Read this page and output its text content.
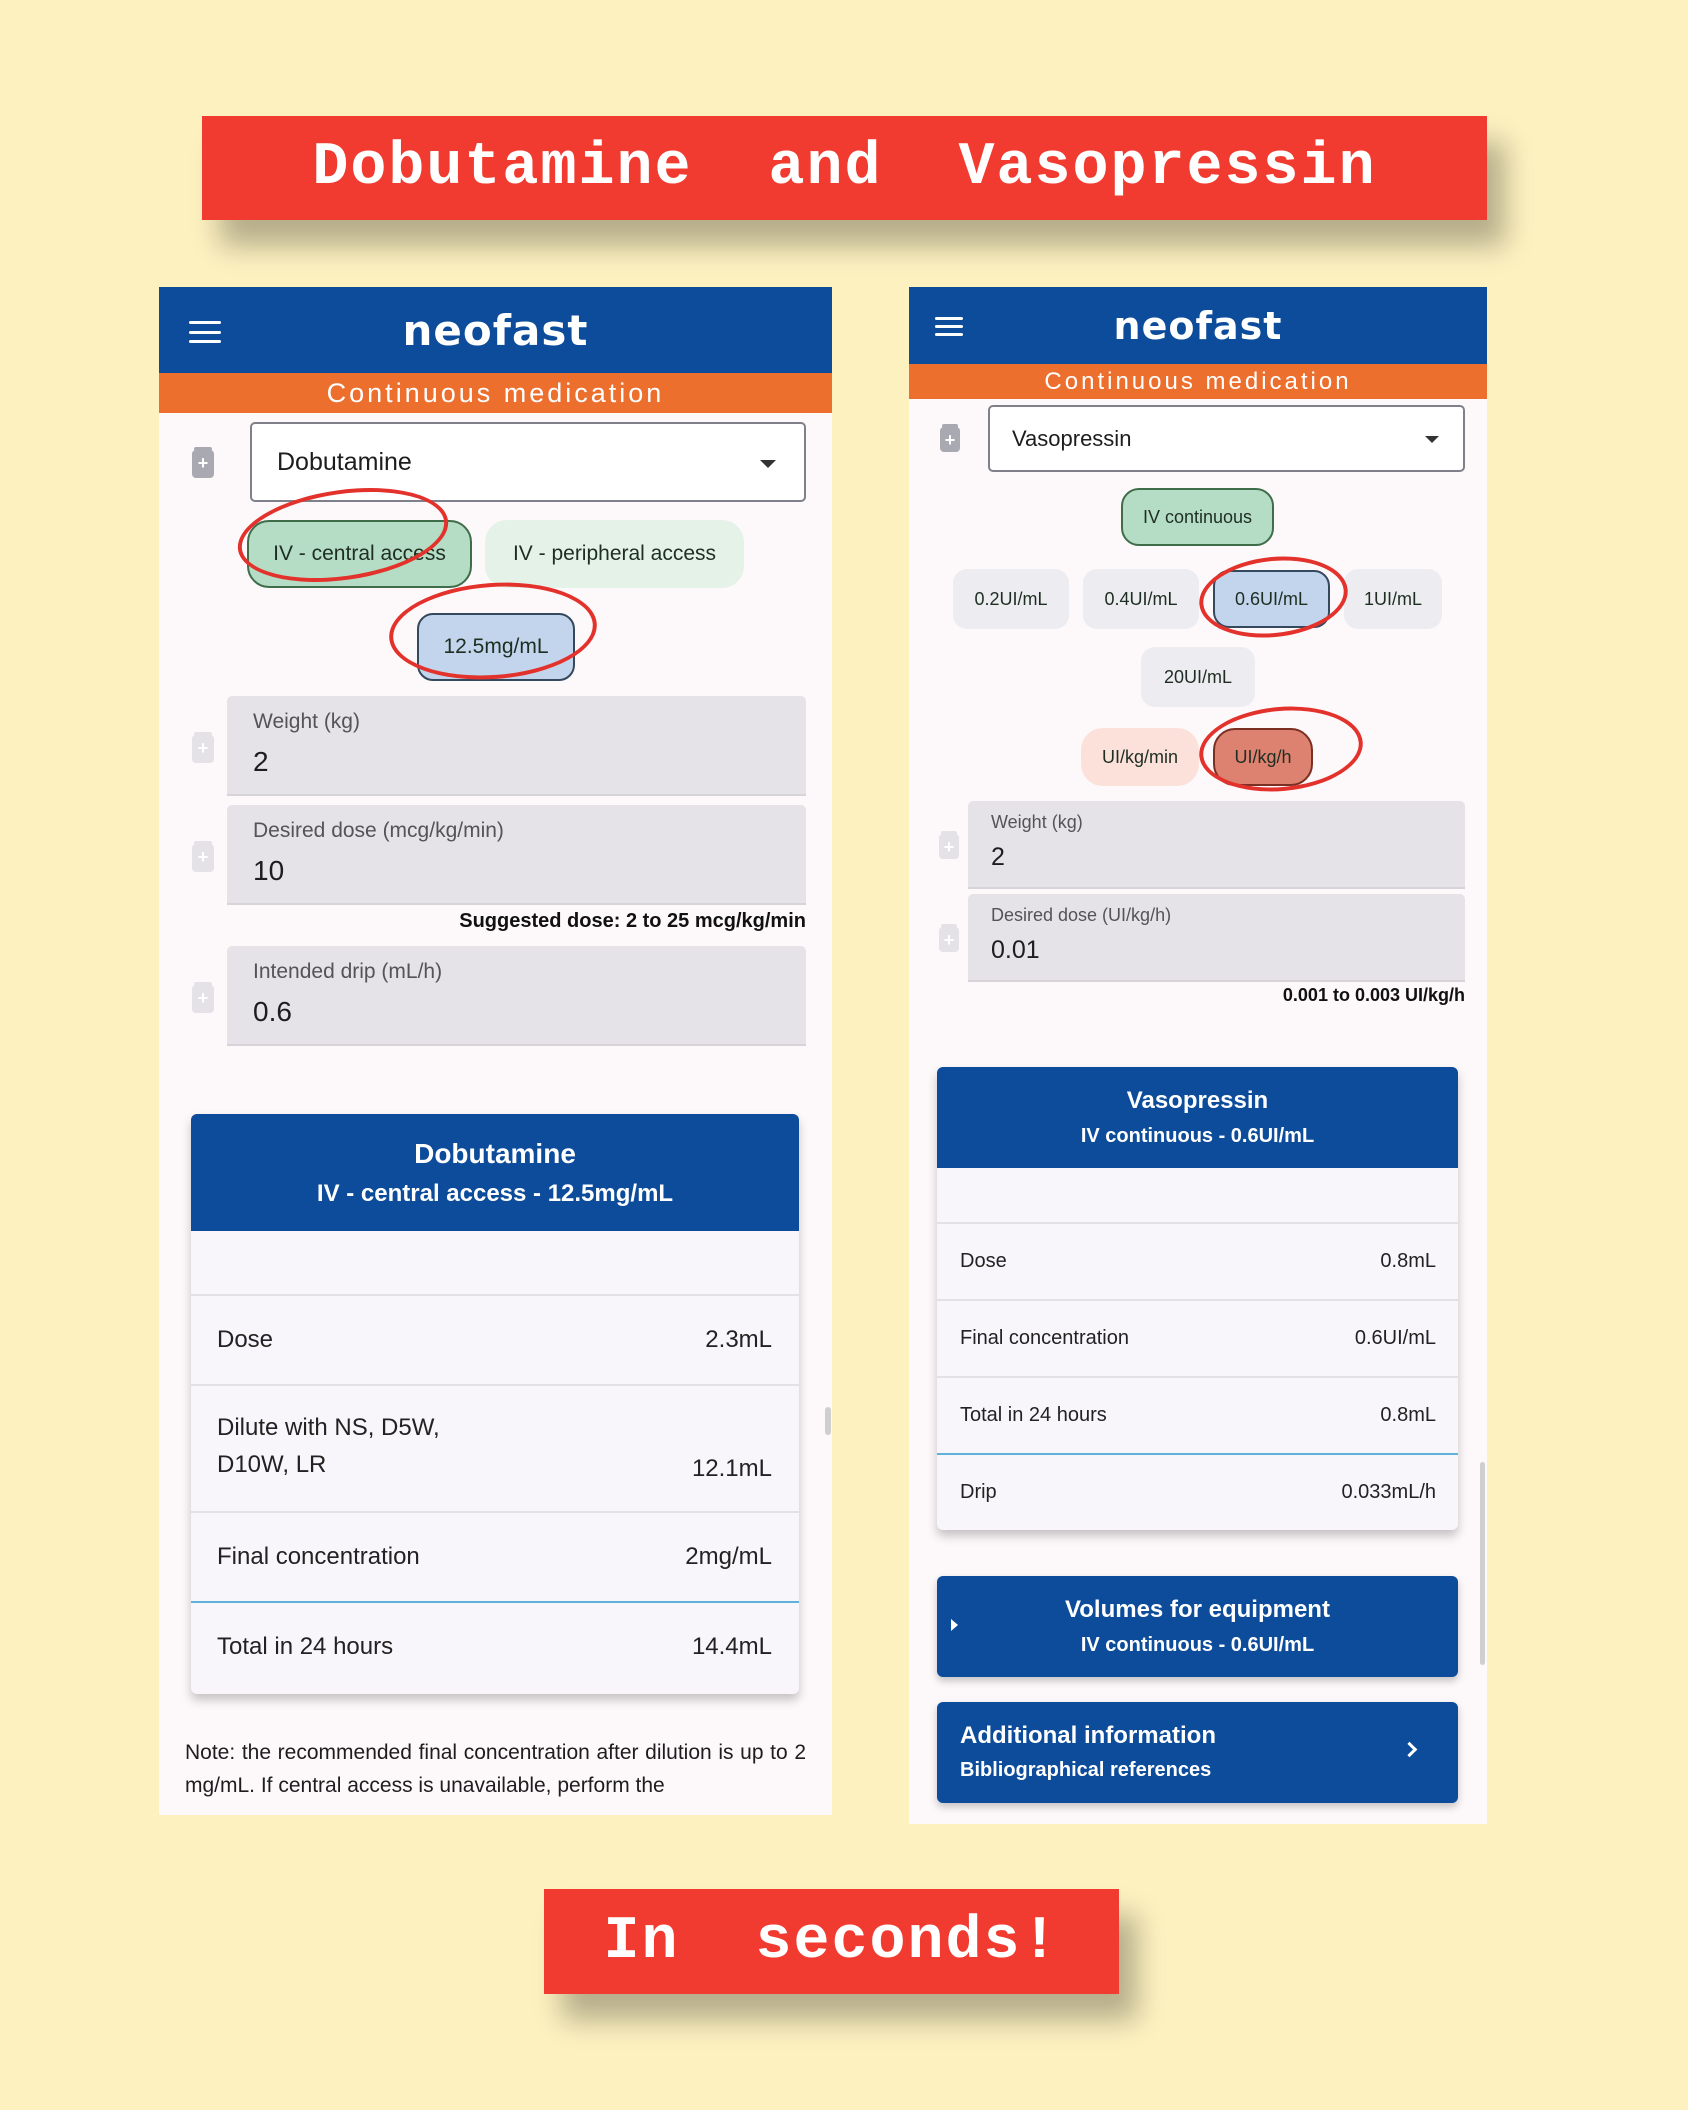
Dobutamine  and  Vasopressin
neofast
Continuous medication
+
Dobutamine
IV - central access	IV - peripheral access
12.5mg/mL
+
Weight (kg)
2
+
Desired dose (mcg/kg/min)
10
Suggested dose: 2 to 25 mcg/kg/min
+
Intended drip (mL/h)
0.6
Dobutamine
IV - central access - 12.5mg/mL
Dose	2.3mL
Dilute with NS, D5W,
D10W, LR	12.1mL
Final concentration	2mg/mL
Total in 24 hours	14.4mL
Note: the recommended final concentration after dilution is up to 2 mg/mL. If central access is unavailable, perform the
neofast
Continuous medication
+
Vasopressin
IV continuous
0.2UI/mL	0.4UI/mL	0.6UI/mL	1UI/mL
20UI/mL
UI/kg/min	UI/kg/h
+
Weight (kg)
2
+
Desired dose (UI/kg/h)
0.01
0.001 to 0.003 UI/kg/h
Vasopressin
IV continuous - 0.6UI/mL
Dose	0.8mL
Final concentration	0.6UI/mL
Total in 24 hours	0.8mL
Drip	0.033mL/h
Volumes for equipment
IV continuous - 0.6UI/mL
Additional information
Bibliographical references
In  seconds!
